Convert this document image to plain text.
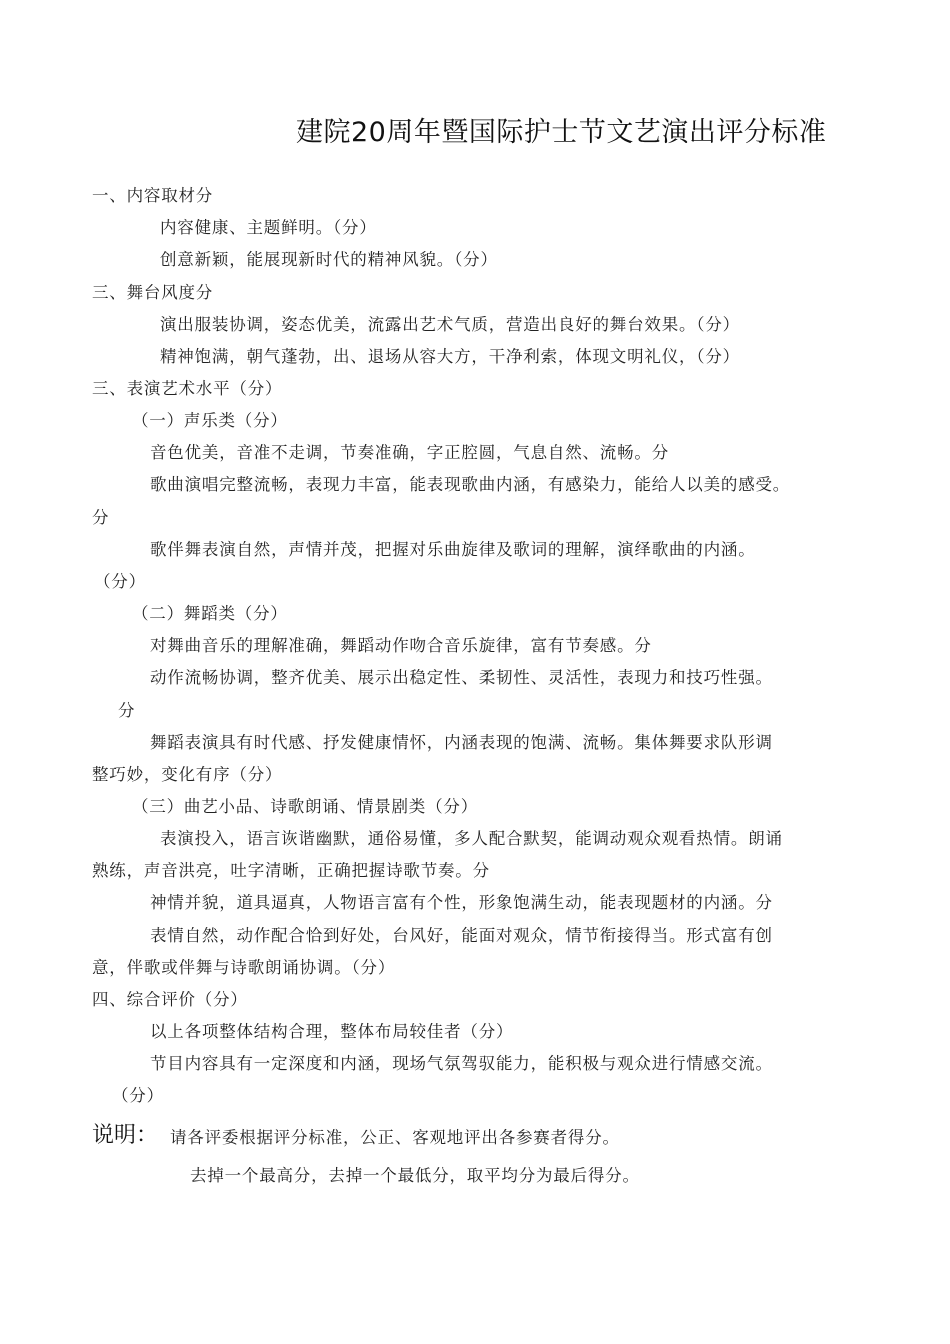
建院20周年暨国际护士节文艺演出评分标准
一、内容取材分
内容健康、主题鲜明。（分）
创意新颖，能展现新时代的精神风貌。（分）
三、舞台风度分
演出服装协调，姿态优美，流露出艺术气质，营造出良好的舞台效果。（分）
精神饱满，朝气蓬勃，出、退场从容大方，干净利索，体现文明礼仪，（分）
三、表演艺术水平（分）
（一）声乐类（分）
音色优美，音准不走调，节奏准确，字正腔圆，气息自然、流畅。分
歌曲演唱完整流畅，表现力丰富，能表现歌曲内涵，有感染力，能给人以美的感受。
分
歌伴舞表演自然，声情并茂，把握对乐曲旋律及歌词的理解，演绎歌曲的内涵。
（分）
（二）舞蹈类（分）
对舞曲音乐的理解准确，舞蹈动作吻合音乐旋律，富有节奏感。分
动作流畅协调，整齐优美、展示出稳定性、柔韧性、灵活性，表现力和技巧性强。
分
舞蹈表演具有时代感、抒发健康情怀，内涵表现的饱满、流畅。集体舞要求队形调
整巧妙，变化有序（分）
（三）曲艺小品、诗歌朗诵、情景剧类（分）
表演投入，语言诙谐幽默，通俗易懂，多人配合默契，能调动观众观看热情。朗诵
熟练，声音洪亮，吐字清晰，正确把握诗歌节奏。分
神情并貌，道具逼真，人物语言富有个性，形象饱满生动，能表现题材的内涵。分
表情自然，动作配合恰到好处，台风好，能面对观众，情节衔接得当。形式富有创
意，伴歌或伴舞与诗歌朗诵协调。（分）
四、综合评价（分）
以上各项整体结构合理，整体布局较佳者（分）
节目内容具有一定深度和内涵，现场气氛驾驭能力，能积极与观众进行情感交流。
（分）
说明： 请各评委根据评分标准，公正、客观地评出各参赛者得分。
去掉一个最高分，去掉一个最低分，取平均分为最后得分。
